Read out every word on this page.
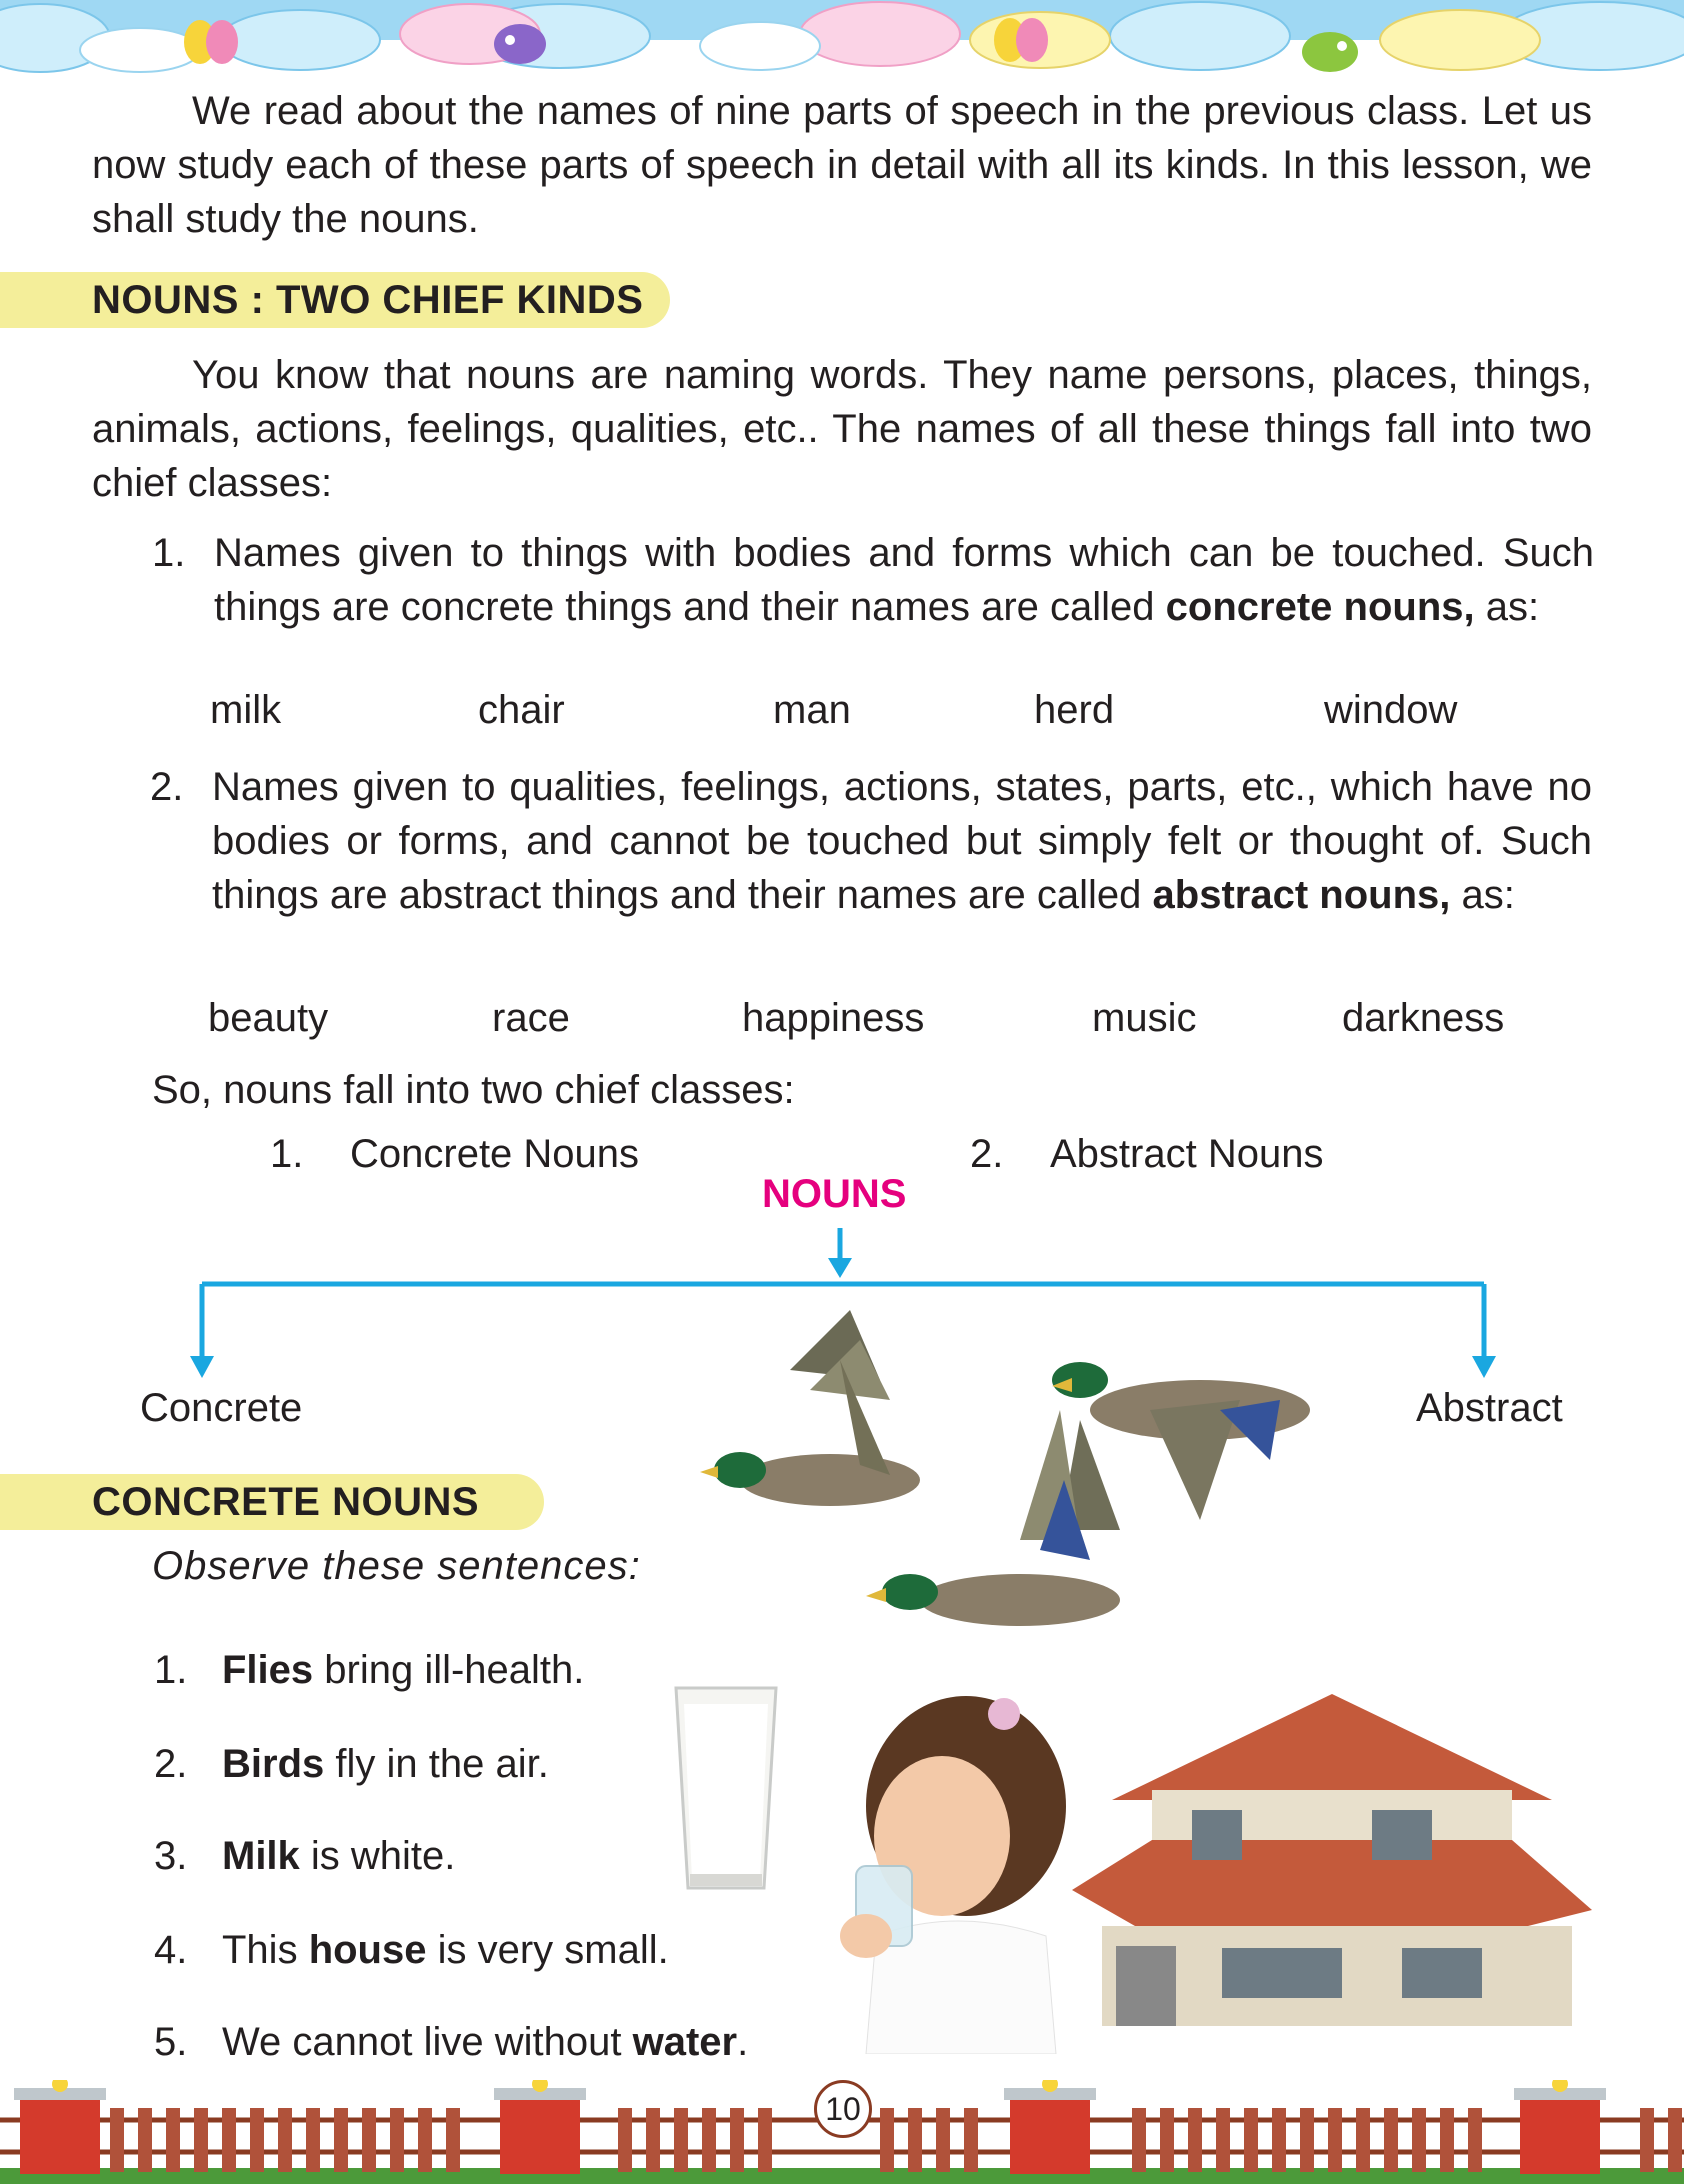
We read about the names of nine parts of speech in the previous class. Let us now study each of these parts of speech in detail with all its kinds. In this lesson, we shall study the nouns.
NOUNS : TWO CHIEF KINDS
You know that nouns are naming words. They name persons, places, things, animals, actions, feelings, qualities, etc.. The names of all these things fall into two chief classes:
1. Names given to things with bodies and forms which can be touched. Such things are concrete things and their names are called concrete nouns, as:
milk	chair	man	herd	window
2. Names given to qualities, feelings, actions, states, parts, etc., which have no bodies or forms, and cannot be touched but simply felt or thought of. Such things are abstract things and their names are called abstract nouns, as:
beauty	race	happiness	music	darkness
So, nouns fall into two chief classes:
1. Concrete Nouns	2. Abstract Nouns
NOUNS
Concrete	Abstract
CONCRETE NOUNS
Observe these sentences:
1. Flies bring ill-health.
2. Birds fly in the air.
3. Milk is white.
4. This house is very small.
5. We cannot live without water.
10
